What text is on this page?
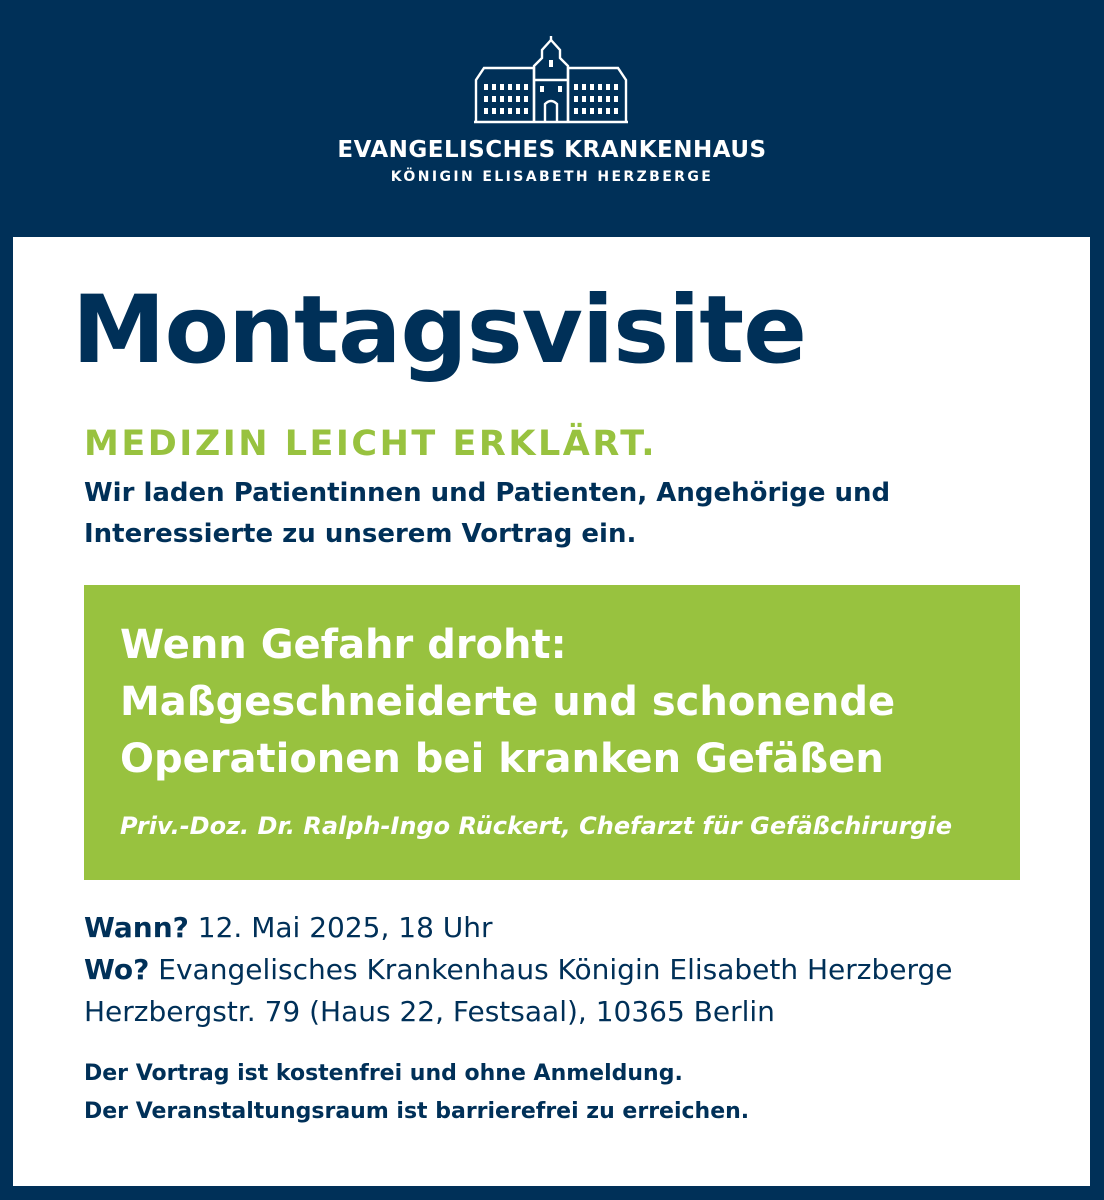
EVANGELISCHES KRANKENHAUS
KÖNIGIN ELISABETH HERZBERGE
Montagsvisite
MEDIZIN LEICHT ERKLÄRT.
Wir laden Patientinnen und Patienten, Angehörige und
Interessierte zu unserem Vortrag ein.
Wenn Gefahr droht:
Maßgeschneiderte und schonende
Operationen bei kranken Gefäßen
Priv.-Doz. Dr. Ralph-Ingo Rückert, Chefarzt für Gefäßchirurgie
Wann? 12. Mai 2025, 18 Uhr
Wo? Evangelisches Krankenhaus Königin Elisabeth Herzberge
Herzbergstr. 79 (Haus 22, Festsaal), 10365 Berlin
Der Vortrag ist kostenfrei und ohne Anmeldung.
Der Veranstaltungsraum ist barrierefrei zu erreichen.
